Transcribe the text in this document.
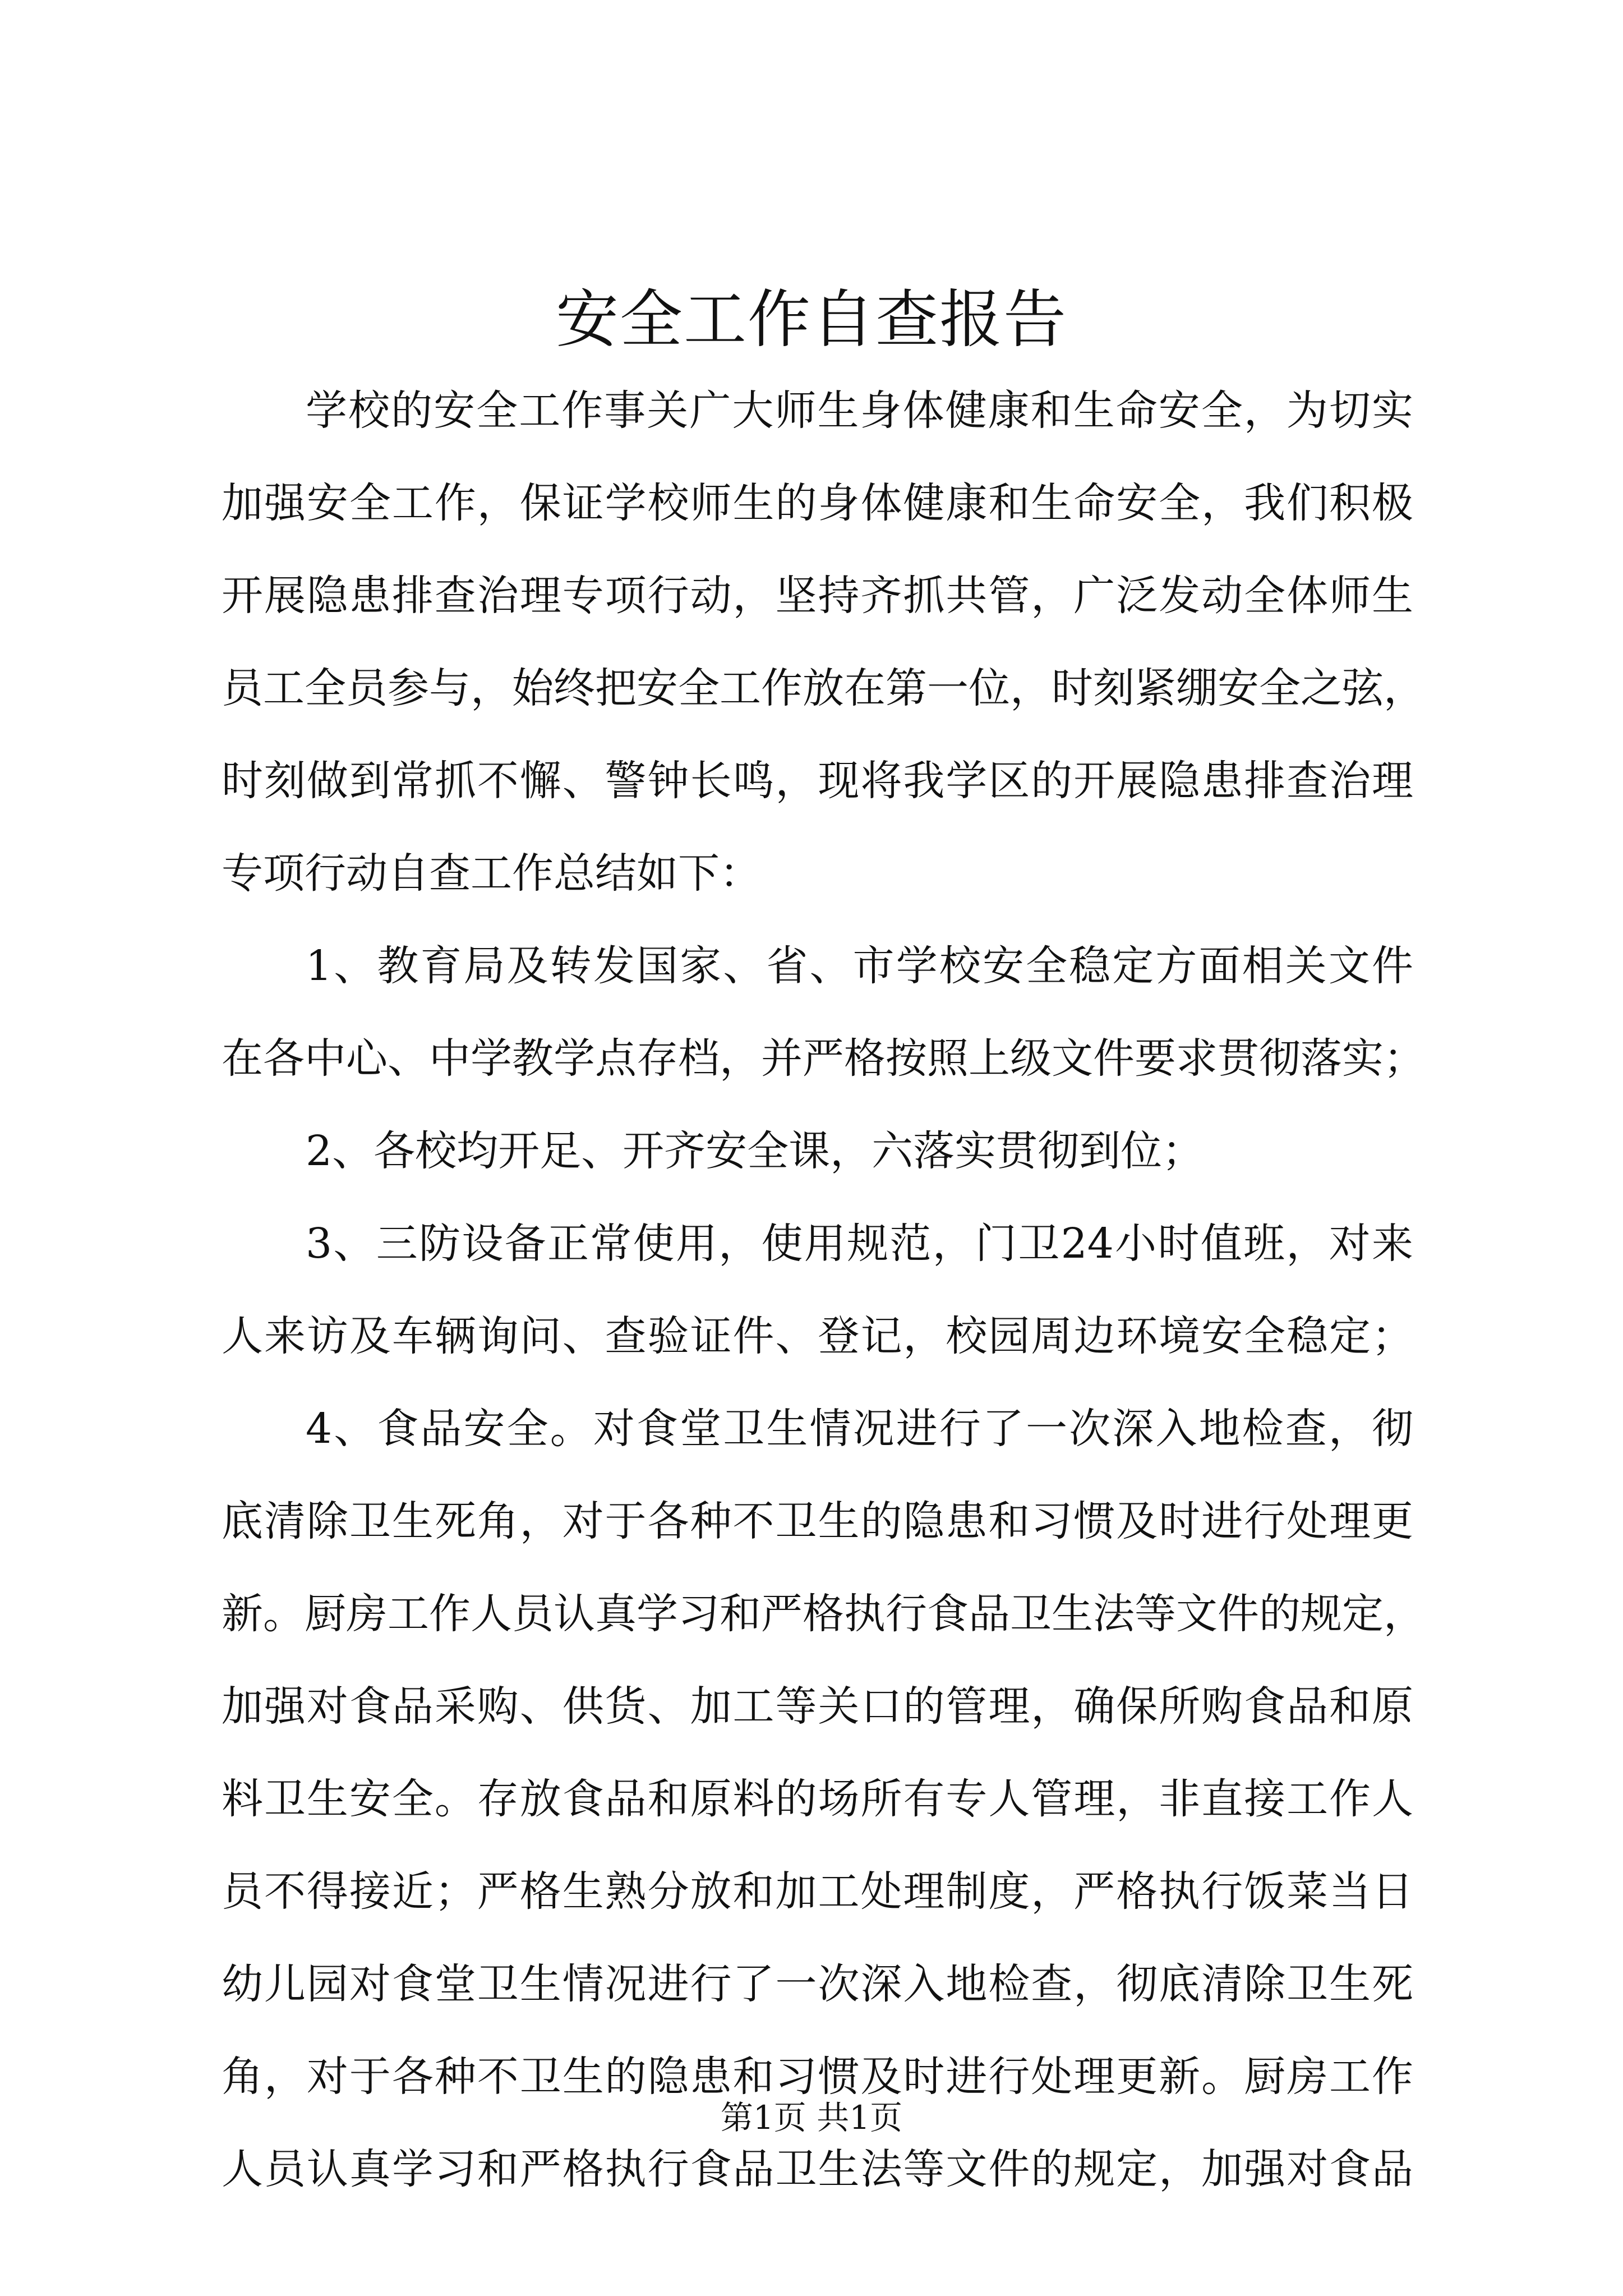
安全工作自查报告
学校的安全工作事关广大师生身体健康和生命安全，为切实
加强安全工作，保证学校师生的身体健康和生命安全，我们积极
开展隐患排查治理专项行动，坚持齐抓共管，广泛发动全体师生
员工全员参与，始终把安全工作放在第一位，时刻紧绷安全之弦，
时刻做到常抓不懈、警钟长鸣，现将我学区的开展隐患排查治理
专项行动自查工作总结如下：
1、教育局及转发国家、省、市学校安全稳定方面相关文件
在各中心、中学教学点存档，并严格按照上级文件要求贯彻落实；
2、各校均开足、开齐安全课，六落实贯彻到位；
3、三防设备正常使用，使用规范，门卫24小时值班，对来
人来访及车辆询问、查验证件、登记，校园周边环境安全稳定；
4、食品安全。对食堂卫生情况进行了一次深入地检查，彻
底清除卫生死角，对于各种不卫生的隐患和习惯及时进行处理更
新。厨房工作人员认真学习和严格执行食品卫生法等文件的规定，
加强对食品采购、供货、加工等关口的管理，确保所购食品和原
料卫生安全。存放食品和原料的场所有专人管理，非直接工作人
员不得接近；严格生熟分放和加工处理制度，严格执行饭菜当日
幼儿园对食堂卫生情况进行了一次深入地检查，彻底清除卫生死
角，对于各种不卫生的隐患和习惯及时进行处理更新。厨房工作
人员认真学习和严格执行食品卫生法等文件的规定，加强对食品
第1页 共1页
